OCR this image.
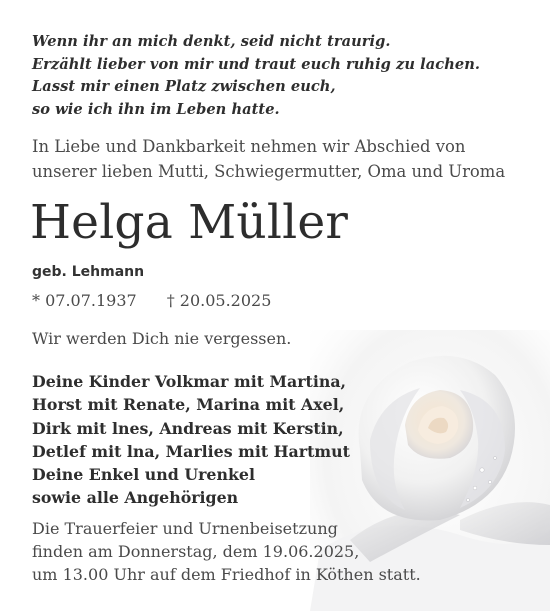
Wenn ihr an mich denkt, seid nicht traurig.
Erzählt lieber von mir und traut euch ruhig zu lachen.
Lasst mir einen Platz zwischen euch,
so wie ich ihn im Leben hatte.
In Liebe und Dankbarkeit nehmen wir Abschied von
unserer lieben Mutti, Schwiegermutter, Oma und Uroma
Helga Müller
geb. Lehmann
* 07.07.1937 † 20.05.2025
Wir werden Dich nie vergessen.
Deine Kinder Volkmar mit Martina,
Horst mit Renate, Marina mit Axel,
Dirk mit lnes, Andreas mit Kerstin,
Detlef mit lna, Marlies mit Hartmut
Deine Enkel und Urenkel
sowie alle Angehörigen
Die Trauerfeier und Urnenbeisetzung
finden am Donnerstag, dem 19.06.2025,
um 13.00 Uhr auf dem Friedhof in Köthen statt.
